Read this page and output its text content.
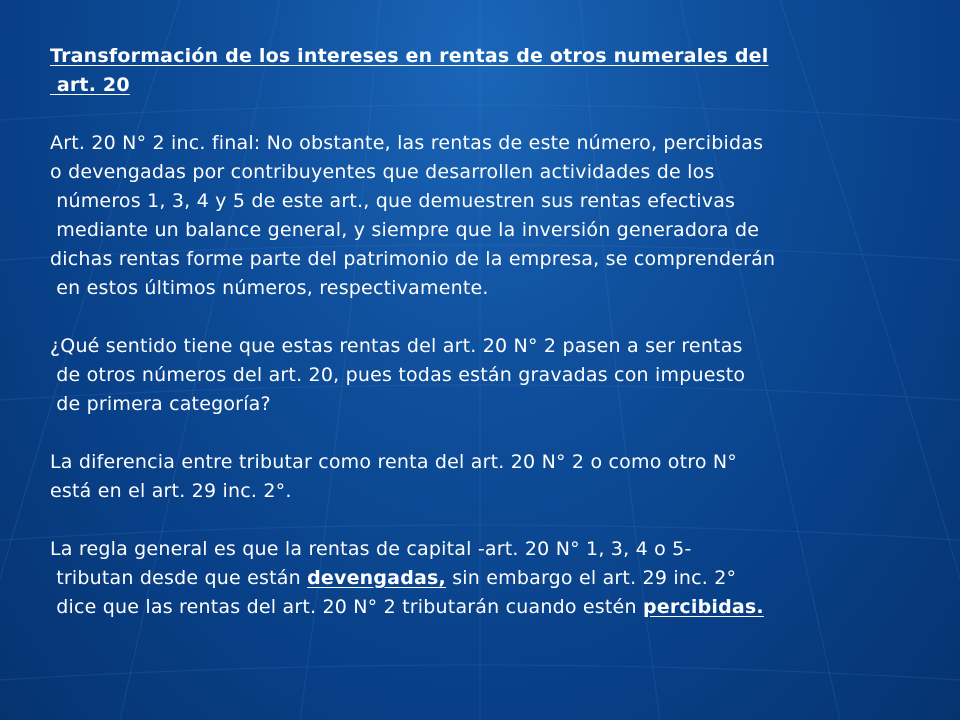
Transformación de los intereses en rentas de otros numerales del
art. 20
Art. 20 N° 2 inc. final: No obstante, las rentas de este número, percibidas
o devengadas por contribuyentes que desarrollen actividades de los
números 1, 3, 4 y 5 de este art., que demuestren sus rentas efectivas
mediante un balance general, y siempre que la inversión generadora de
dichas rentas forme parte del patrimonio de la empresa, se comprenderán
en estos últimos números, respectivamente.
¿Qué sentido tiene que estas rentas del art. 20 N° 2 pasen a ser rentas
de otros números del art. 20, pues todas están gravadas con impuesto
de primera categoría?
La diferencia entre tributar como renta del art. 20 N° 2 o como otro N°
está en el art. 29 inc. 2°.
La regla general es que la rentas de capital -art. 20 N° 1, 3, 4 o 5-
tributan desde que están devengadas, sin embargo el art. 29 inc. 2°
dice que las rentas del art. 20 N° 2 tributarán cuando estén percibidas.
